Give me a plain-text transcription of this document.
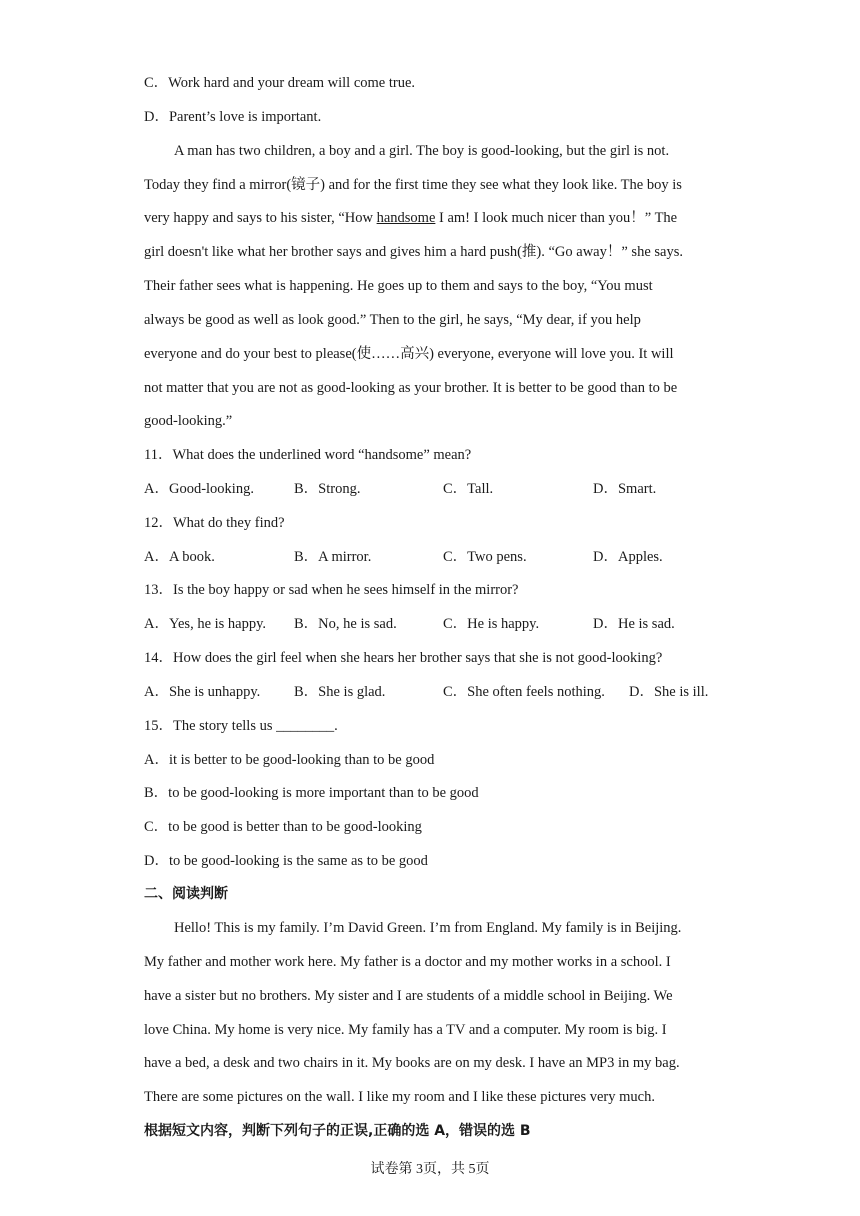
C．Work hard and your dream will come true.
D．Parent’s love is important.
A man has two children, a boy and a girl. The boy is good-looking, but the girl is not.
Today they find a mirror(镜子) and for the first time they see what they look like. The boy is
very happy and says to his sister, “How handsome I am! I look much nicer than you！” The
girl doesn't like what her brother says and gives him a hard push(推). “Go away！” she says.
Their father sees what is happening. He goes up to them and says to the boy, “You must
always be good as well as look good.” Then to the girl, he says, “My dear, if you help
everyone and do your best to please(使……高兴) everyone, everyone will love you. It will
not matter that you are not as good-looking as your brother. It is better to be good than to be
good-looking.”
11．What does the underlined word “handsome” mean?
A．Good-looking.	B．Strong.	C．Tall.	D．Smart.
12．What do they find?
A．A book.	B．A mirror.	C．Two pens.	D．Apples.
13．Is the boy happy or sad when he sees himself in the mirror?
A．Yes, he is happy. B．No, he is sad.	C．He is happy.	D．He is sad.
14．How does the girl feel when she hears her brother says that she is not good-looking?
A．She is unhappy. B．She is glad.	C．She often feels nothing. D．She is ill.
15．The story tells us ________.
A．it is better to be good-looking than to be good
B．to be good-looking is more important than to be good
C．to be good is better than to be good-looking
D．to be good-looking is the same as to be good
二、阅读判断
Hello! This is my family. I’m David Green. I’m from England. My family is in Beijing.
My father and mother work here. My father is a doctor and my mother works in a school. I
have a sister but no brothers. My sister and I are students of a middle school in Beijing. We
love China. My home is very nice. My family has a TV and a computer. My room is big. I
have a bed, a desk and two chairs in it. My books are on my desk. I have an MP3 in my bag.
There are some pictures on the wall. I like my room and I like these pictures very much.
根据短文内容，判断下列句子的正误,正确的选 A，错误的选 B
试卷第 3页，共 5页
